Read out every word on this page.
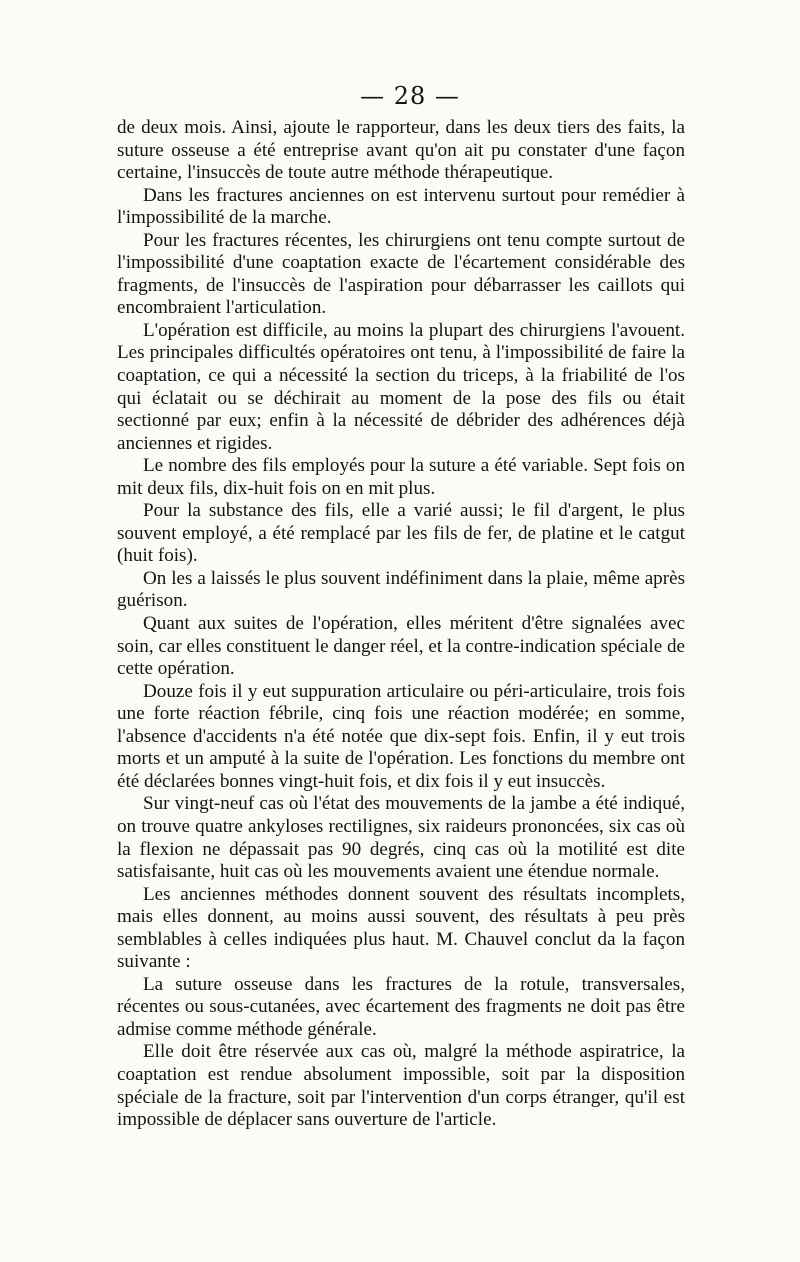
— 28 —

de deux mois. Ainsi, ajoute le rapporteur, dans les deux tiers des faits, la suture osseuse a été entreprise avant qu'on ait pu constater d'une façon certaine, l'insuccès de toute autre méthode thérapeutique.

Dans les fractures anciennes on est intervenu surtout pour remédier à l'impossibilité de la marche.

Pour les fractures récentes, les chirurgiens ont tenu compte surtout de l'impossibilité d'une coaptation exacte de l'écartement considérable des fragments, de l'insuccès de l'aspiration pour débarrasser les caillots qui encombraient l'articulation.

L'opération est difficile, au moins la plupart des chirurgiens l'avouent. Les principales difficultés opératoires ont tenu, à l'impossibilité de faire la coaptation, ce qui a nécessité la section du triceps, à la friabilité de l'os qui éclatait ou se déchirait au moment de la pose des fils ou était sectionné par eux; enfin à la nécessité de débrider des adhérences déjà anciennes et rigides.

Le nombre des fils employés pour la suture a été variable. Sept fois on mit deux fils, dix-huit fois on en mit plus.

Pour la substance des fils, elle a varié aussi; le fil d'argent, le plus souvent employé, a été remplacé par les fils de fer, de platine et le catgut (huit fois).

On les a laissés le plus souvent indéfiniment dans la plaie, même après guérison.

Quant aux suites de l'opération, elles méritent d'être signalées avec soin, car elles constituent le danger réel, et la contre-indication spéciale de cette opération.

Douze fois il y eut suppuration articulaire ou péri-articulaire, trois fois une forte réaction fébrile, cinq fois une réaction modérée; en somme, l'absence d'accidents n'a été notée que dix-sept fois. Enfin, il y eut trois morts et un amputé à la suite de l'opération. Les fonctions du membre ont été déclarées bonnes vingt-huit fois, et dix fois il y eut insuccès.

Sur vingt-neuf cas où l'état des mouvements de la jambe a été indiqué, on trouve quatre ankyloses rectilignes, six raideurs prononcées, six cas où la flexion ne dépassait pas 90 degrés, cinq cas où la motilité est dite satisfaisante, huit cas où les mouvements avaient une étendue normale.

Les anciennes méthodes donnent souvent des résultats incomplets, mais elles donnent, au moins aussi souvent, des résultats à peu près semblables à celles indiquées plus haut. M. Chauvel conclut da la façon suivante :

La suture osseuse dans les fractures de la rotule, transversales, récentes ou sous-cutanées, avec écartement des fragments ne doit pas être admise comme méthode générale.

Elle doit être réservée aux cas où, malgré la méthode aspiratrice, la coaptation est rendue absolument impossible, soit par la disposition spéciale de la fracture, soit par l'intervention d'un corps étranger, qu'il est impossible de déplacer sans ouverture de l'article.
